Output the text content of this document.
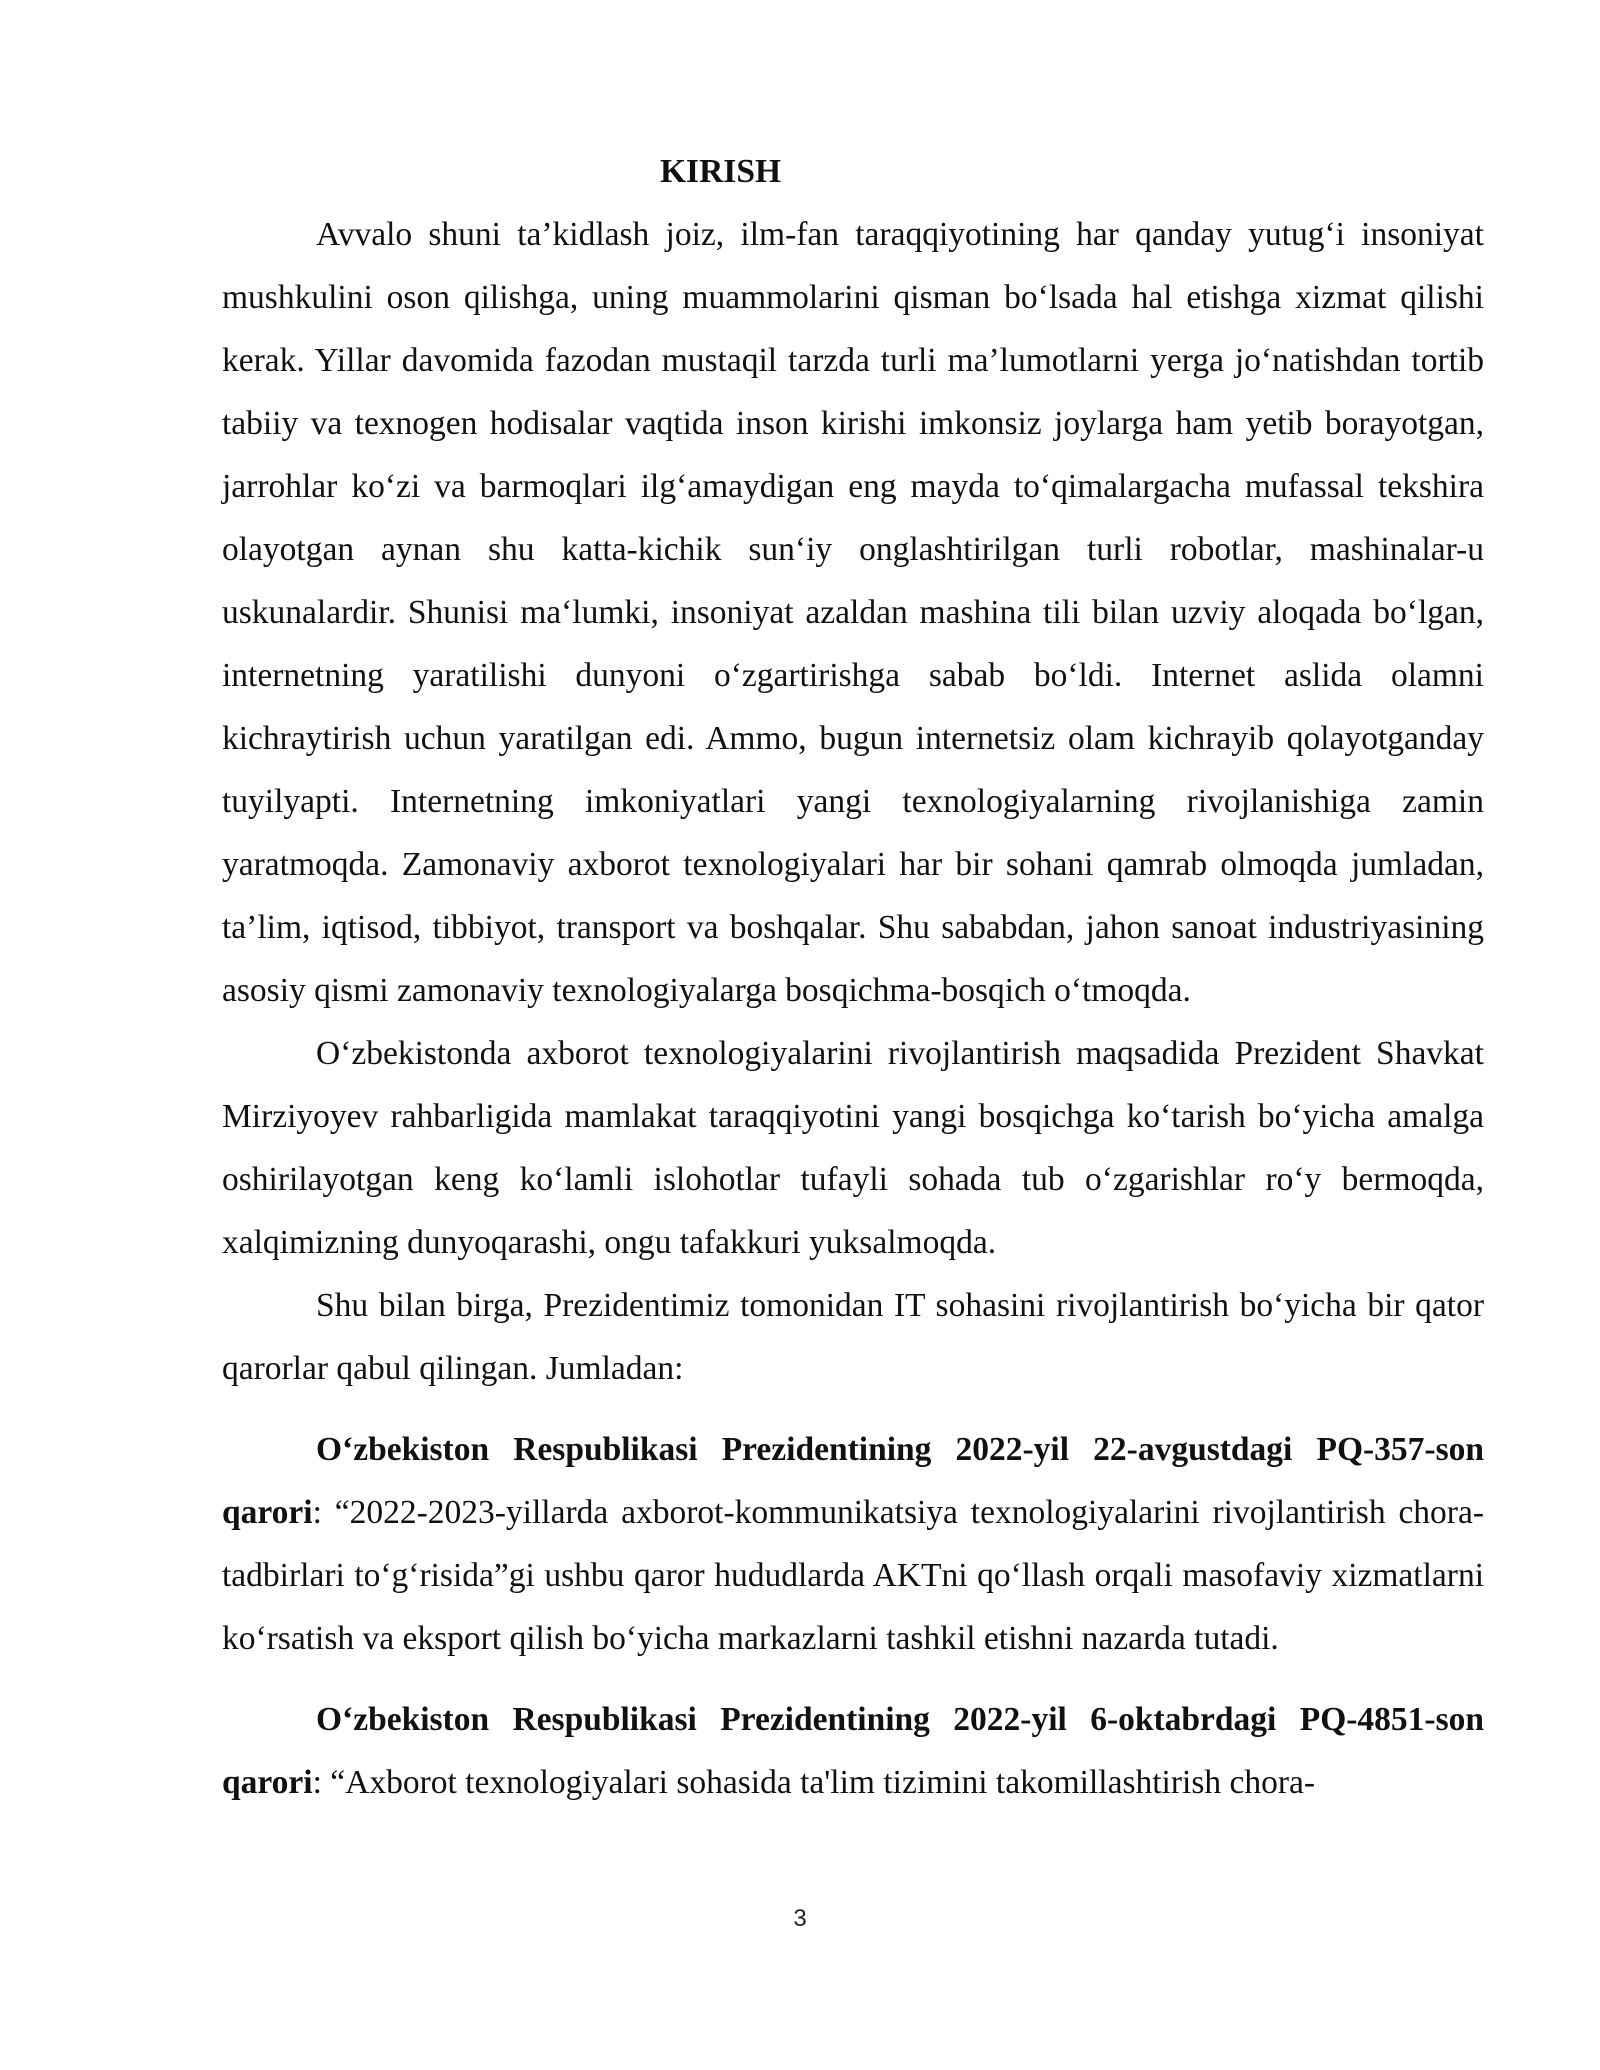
KIRISH

Avvalo shuni ta’kidlash joiz, ilm-fan taraqqiyotining har qanday yutug‘i insoniyat mushkulini oson qilishga, uning muammolarini qisman bo‘lsada hal etishga xizmat qilishi kerak. Yillar davomida fazodan mustaqil tarzda turli ma’lumotlarni yerga jo‘natishdan tortib tabiiy va texnogen hodisalar vaqtida inson kirishi imkonsiz joylarga ham yetib borayotgan, jarrohlar ko‘zi va barmoqlari ilg‘amaydigan eng mayda to‘qimalargacha mufassal tekshira olayotgan aynan shu katta-kichik sun‘iy onglashtirilgan turli robotlar, mashinalar-u uskunalardir. Shunisi ma‘lumki, insoniyat azaldan mashina tili bilan uzviy aloqada bo‘lgan, internetning yaratilishi dunyoni o‘zgartirishga sabab bo‘ldi. Internet aslida olamni kichraytirish uchun yaratilgan edi. Ammo, bugun internetsiz olam kichrayib qolayotganday tuyilyapti. Internetning imkoniyatlari yangi texnologiyalarning rivojlanishiga zamin yaratmoqda. Zamonaviy axborot texnologiyalari har bir sohani qamrab olmoqda jumladan, ta’lim, iqtisod, tibbiyot, transport va boshqalar. Shu sababdan, jahon sanoat industriyasining asosiy qismi zamonaviy texnologiyalarga bosqichma-bosqich o‘tmoqda.

O‘zbekistonda axborot texnologiyalarini rivojlantirish maqsadida Prezident Shavkat Mirziyoyev rahbarligida mamlakat taraqqiyotini yangi bosqichga ko‘tarish bo‘yicha amalga oshirilayotgan keng ko‘lamli islohotlar tufayli sohada tub o‘zgarishlar ro‘y bermoqda, xalqimizning dunyoqarashi, ongu tafakkuri yuksalmoqda.

Shu bilan birga, Prezidentimiz tomonidan IT sohasini rivojlantirish bo‘yicha bir qator qarorlar qabul qilingan. Jumladan:

O‘zbekiston Respublikasi Prezidentining 2022-yil 22-avgustdagi PQ-357-son qarori: “2022-2023-yillarda axborot-kommunikatsiya texnologiyalarini rivojlantirish chora-tadbirlari to‘g‘risida”gi ushbu qaror hududlarda AKTni qo‘llash orqali masofaviy xizmatlarni ko‘rsatish va eksport qilish bo‘yicha markazlarni tashkil etishni nazarda tutadi.

O‘zbekiston Respublikasi Prezidentining 2022-yil 6-oktabrdagi PQ-4851-son qarori: “Axborot texnologiyalari sohasida ta'lim tizimini takomillashtirish chora-

3
